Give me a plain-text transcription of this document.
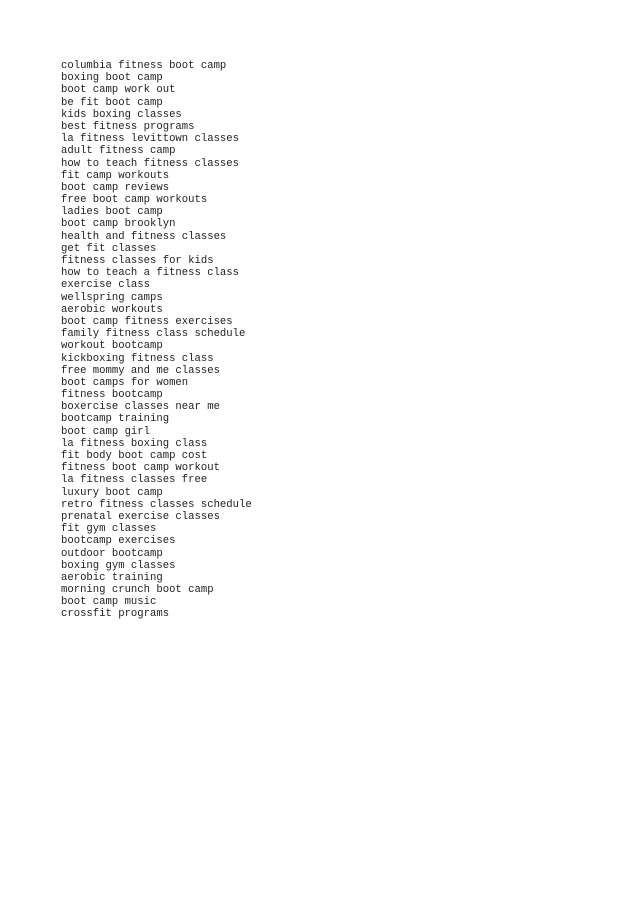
columbia fitness boot camp
boxing boot camp
boot camp work out
be fit boot camp
kids boxing classes
best fitness programs
la fitness levittown classes
adult fitness camp
how to teach fitness classes
fit camp workouts
boot camp reviews
free boot camp workouts
ladies boot camp
boot camp brooklyn
health and fitness classes
get fit classes
fitness classes for kids
how to teach a fitness class
exercise class
wellspring camps
aerobic workouts
boot camp fitness exercises
family fitness class schedule
workout bootcamp
kickboxing fitness class
free mommy and me classes
boot camps for women
fitness bootcamp
boxercise classes near me
bootcamp training
boot camp girl
la fitness boxing class
fit body boot camp cost
fitness boot camp workout
la fitness classes free
luxury boot camp
retro fitness classes schedule
prenatal exercise classes
fit gym classes
bootcamp exercises
outdoor bootcamp
boxing gym classes
aerobic training
morning crunch boot camp
boot camp music
crossfit programs
